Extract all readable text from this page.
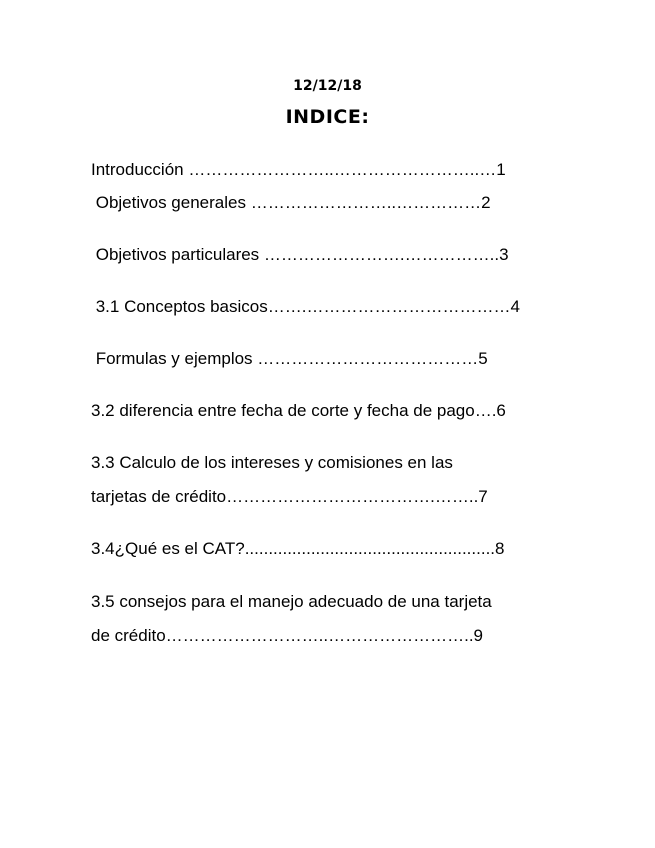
12/12/18
INDICE:
Introducción ……………………..……………………..…1
Objetivos generales ……………………..……………2
Objetivos particulares …………………….……………..3
3.1 Conceptos basicos…….………………………………4
Formulas y ejemplos …………………………………5
3.2 diferencia entre fecha de corte y fecha de pago….6
3.3 Calculo de los intereses y comisiones en las
tarjetas de crédito……………………………….……..7
3.4¿Qué es el CAT?.....................................................8
3.5 consejos para el manejo adecuado de una tarjeta
de crédito………………………..……………………..9
